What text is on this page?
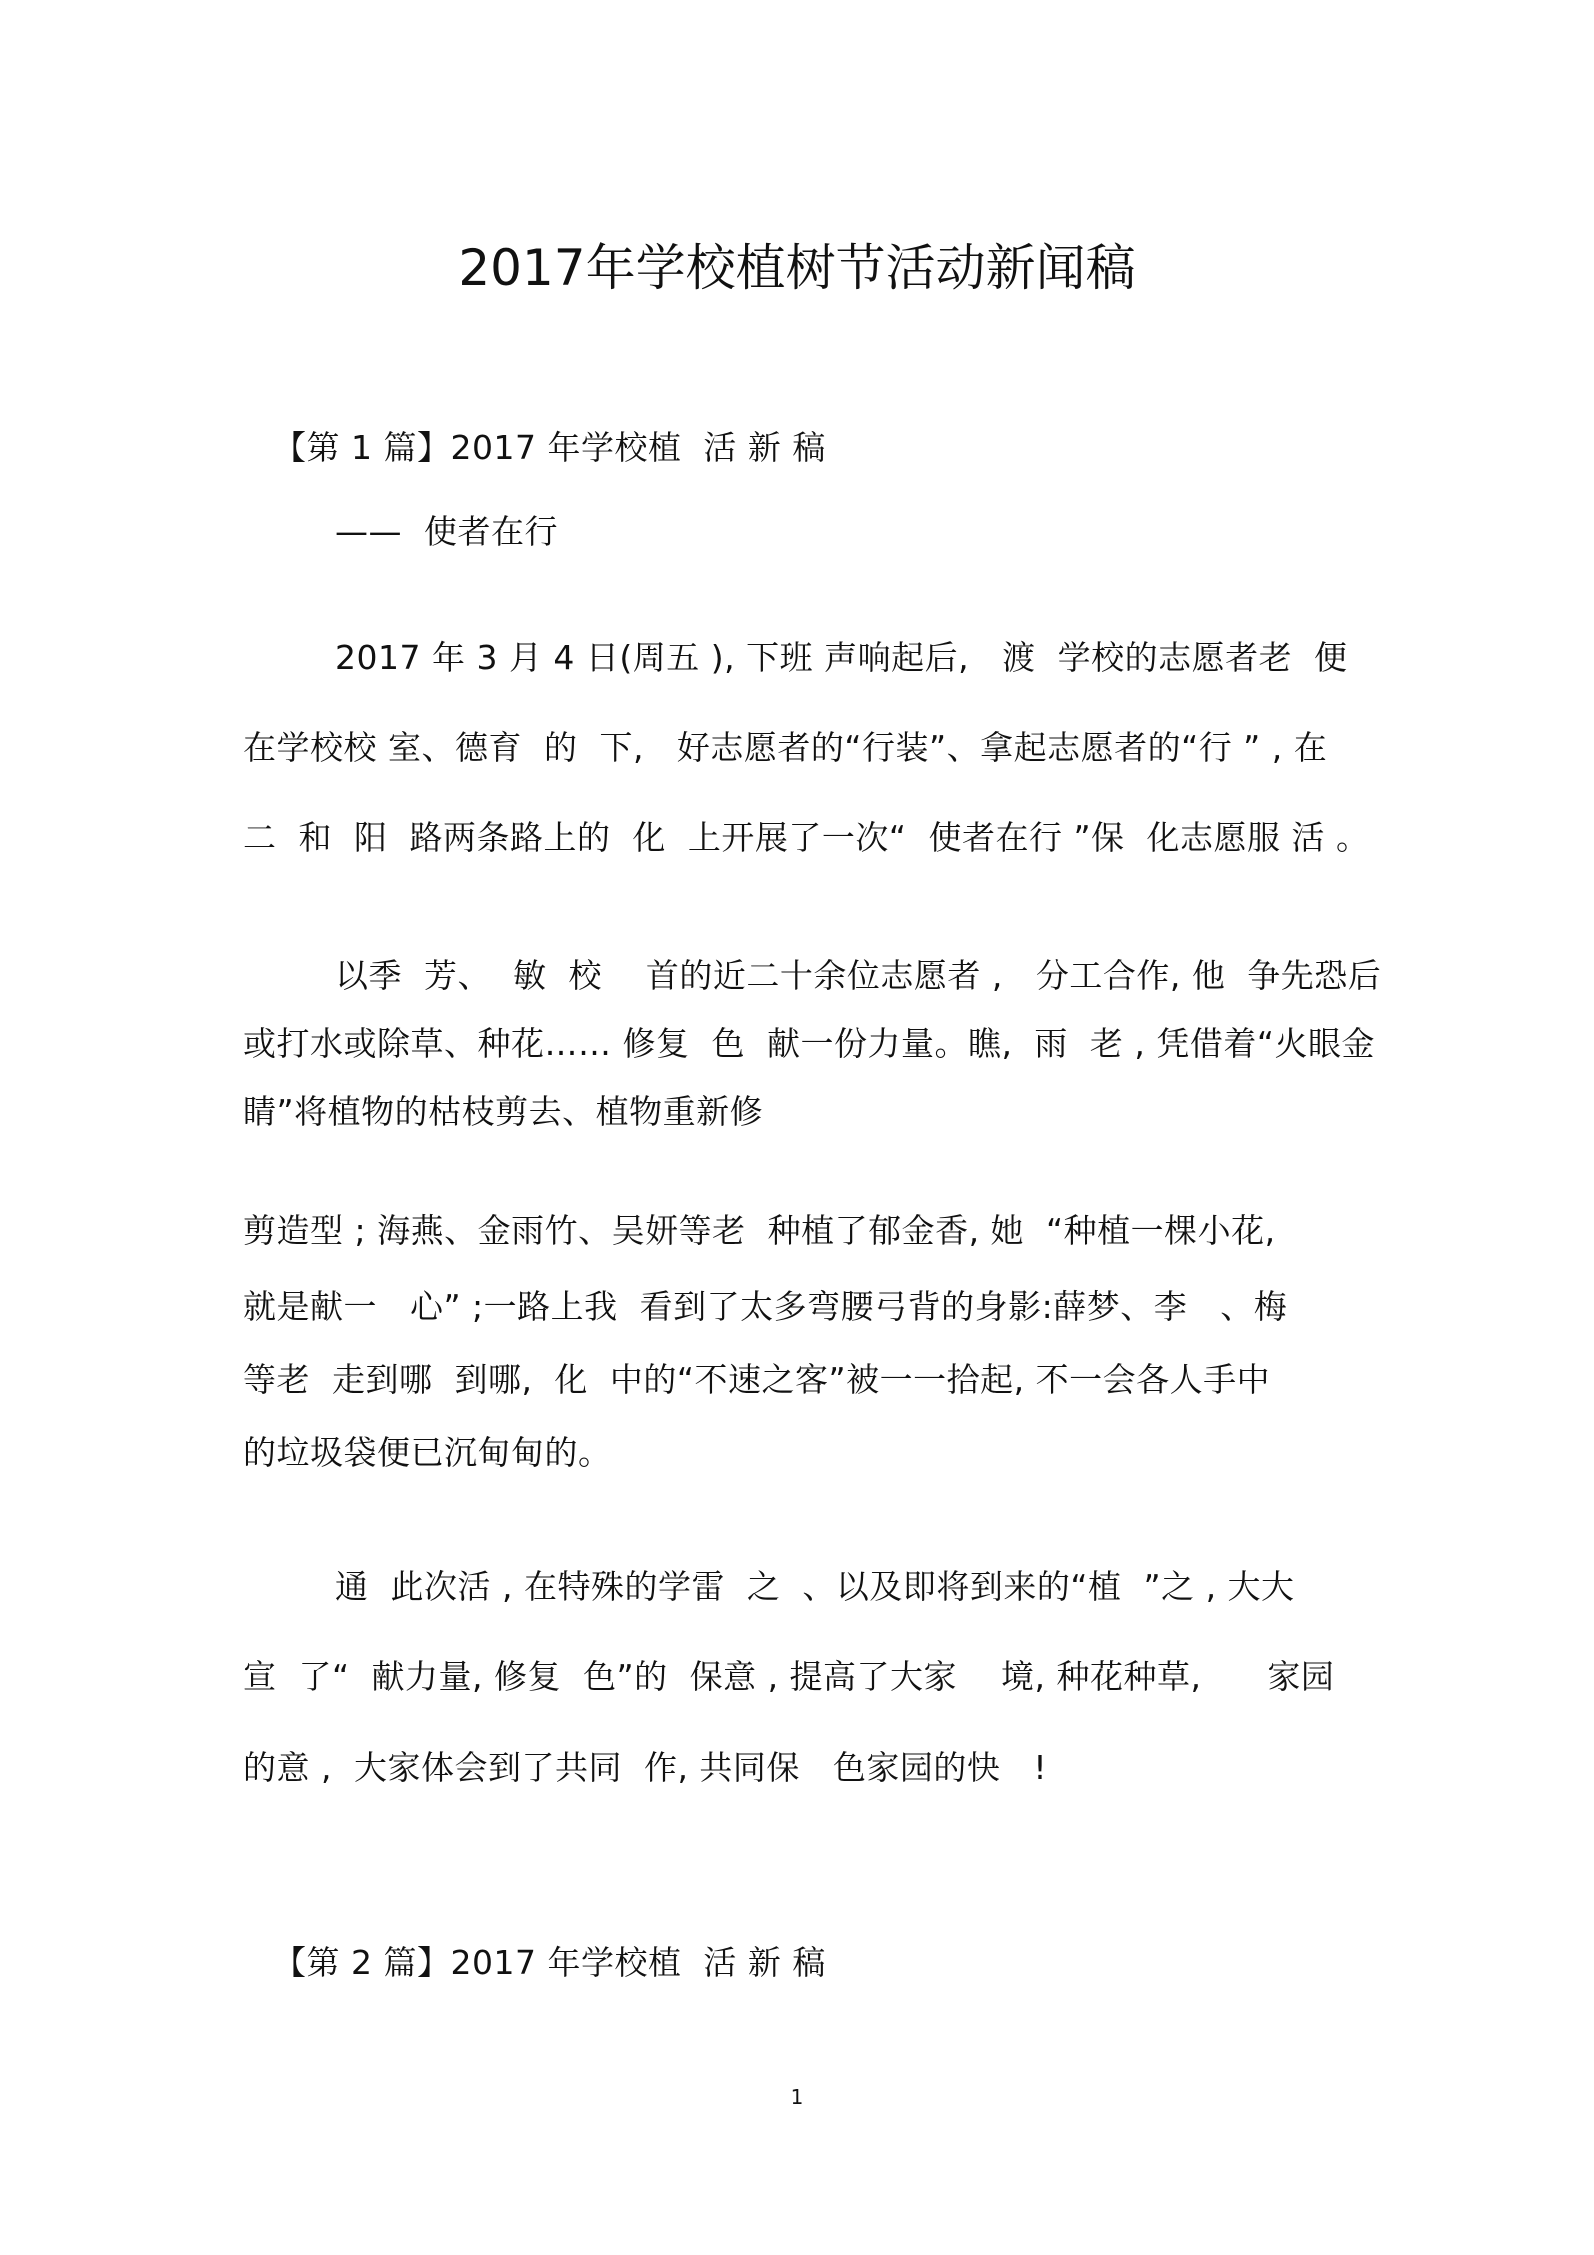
2017年学校植树节活动新闻稿
【第 1 篇】2017 年学校植  活 新 稿
——  使者在行
2017 年 3 月 4 日(周五 ), 下班 声响起后,   渡  学校的志愿者老  便
在学校校 室、德育  的  下,   好志愿者的“行装”、拿起志愿者的“行 ” , 在
二  和  阳  路两条路上的  化  上开展了一次“  使者在行 ”保  化志愿服 活 。
以季  芳、  敏  校    首的近二十余位志愿者 ,   分工合作, 他  争先恐后
或打水或除草、种花…… 修复  色  献一份力量。瞧,  雨  老 , 凭借着“火眼金
睛”将植物的枯枝剪去、植物重新修
剪造型 ; 海燕、金雨竹、吴妍等老  种植了郁金香, 她  “种植一棵小花,
就是献一   心” ;一路上我  看到了太多弯腰弓背的身影:薛梦、李   、梅
等老  走到哪  到哪,  化  中的“不速之客”被一一拾起, 不一会各人手中
的垃圾袋便已沉甸甸的。
通  此次活 , 在特殊的学雷  之  、以及即将到来的“植  ”之 , 大大
宣  了“  献力量, 修复  色”的  保意 , 提高了大家    境, 种花种草,      家园
的意 ,  大家体会到了共同  作, 共同保   色家园的快   !
【第 2 篇】2017 年学校植  活 新 稿
1
